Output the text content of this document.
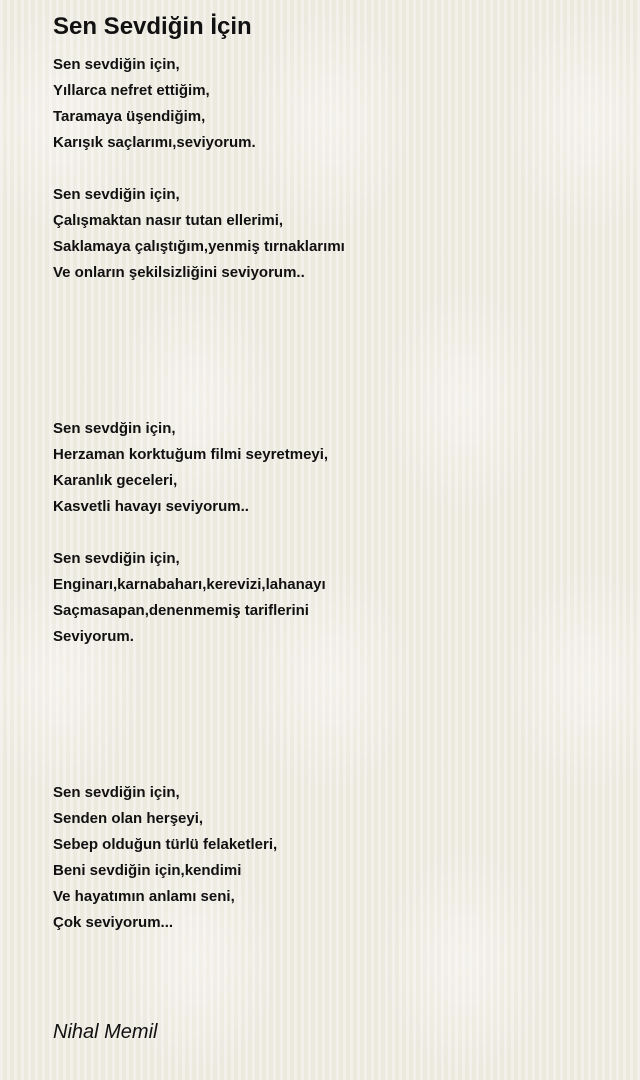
Sen Sevdiğin İçin
Sen sevdiğin için,
Yıllarca nefret ettiğim,
Taramaya üşendiğim,
Karışık saçlarımı,seviyorum.
Sen sevdiğin için,
Çalışmaktan nasır tutan ellerimi,
Saklamaya çalıştığım,yenmiş tırnaklarımı
Ve onların şekilsizliğini seviyorum..
Sen sevdğin için,
Herzaman korktuğum filmi seyretmeyi,
Karanlık geceleri,
Kasvetli havayı seviyorum..
Sen sevdiğin için,
Enginarı,karnabaharı,kerevizi,lahanayı
Saçmasapan,denenmemiş tariflerini
Seviyorum.
Sen sevdiğin için,
Senden olan herşeyi,
Sebep olduğun türlü felaketleri,
Beni sevdiğin için,kendimi
Ve hayatımın anlamı seni,
Çok seviyorum...

Nihal Memil
